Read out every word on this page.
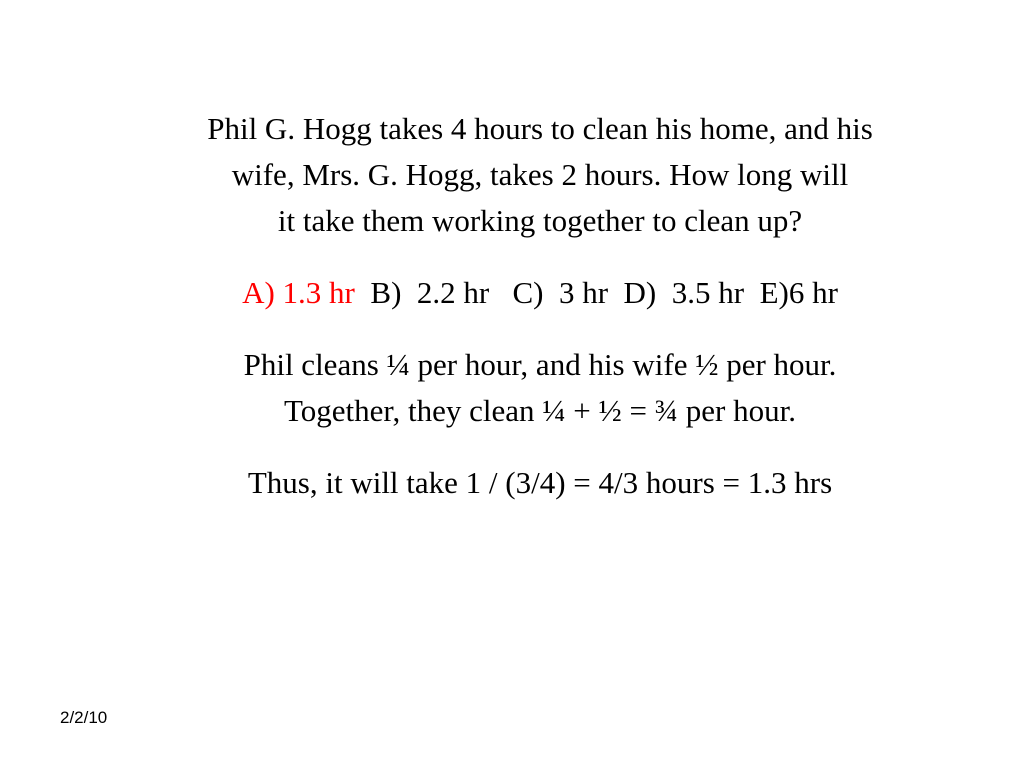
Phil G. Hogg takes 4 hours to clean his home, and his
wife, Mrs. G. Hogg, takes 2 hours. How long will
it take them working together to clean up?

A) 1.3 hr  B)  2.2 hr   C)  3 hr  D)  3.5 hr  E)6 hr

Phil cleans ¼ per hour, and his wife ½ per hour.
Together, they clean ¼ + ½ = ¾ per hour.

Thus, it will take 1 / (3/4) = 4/3 hours = 1.3 hrs

2/2/10
